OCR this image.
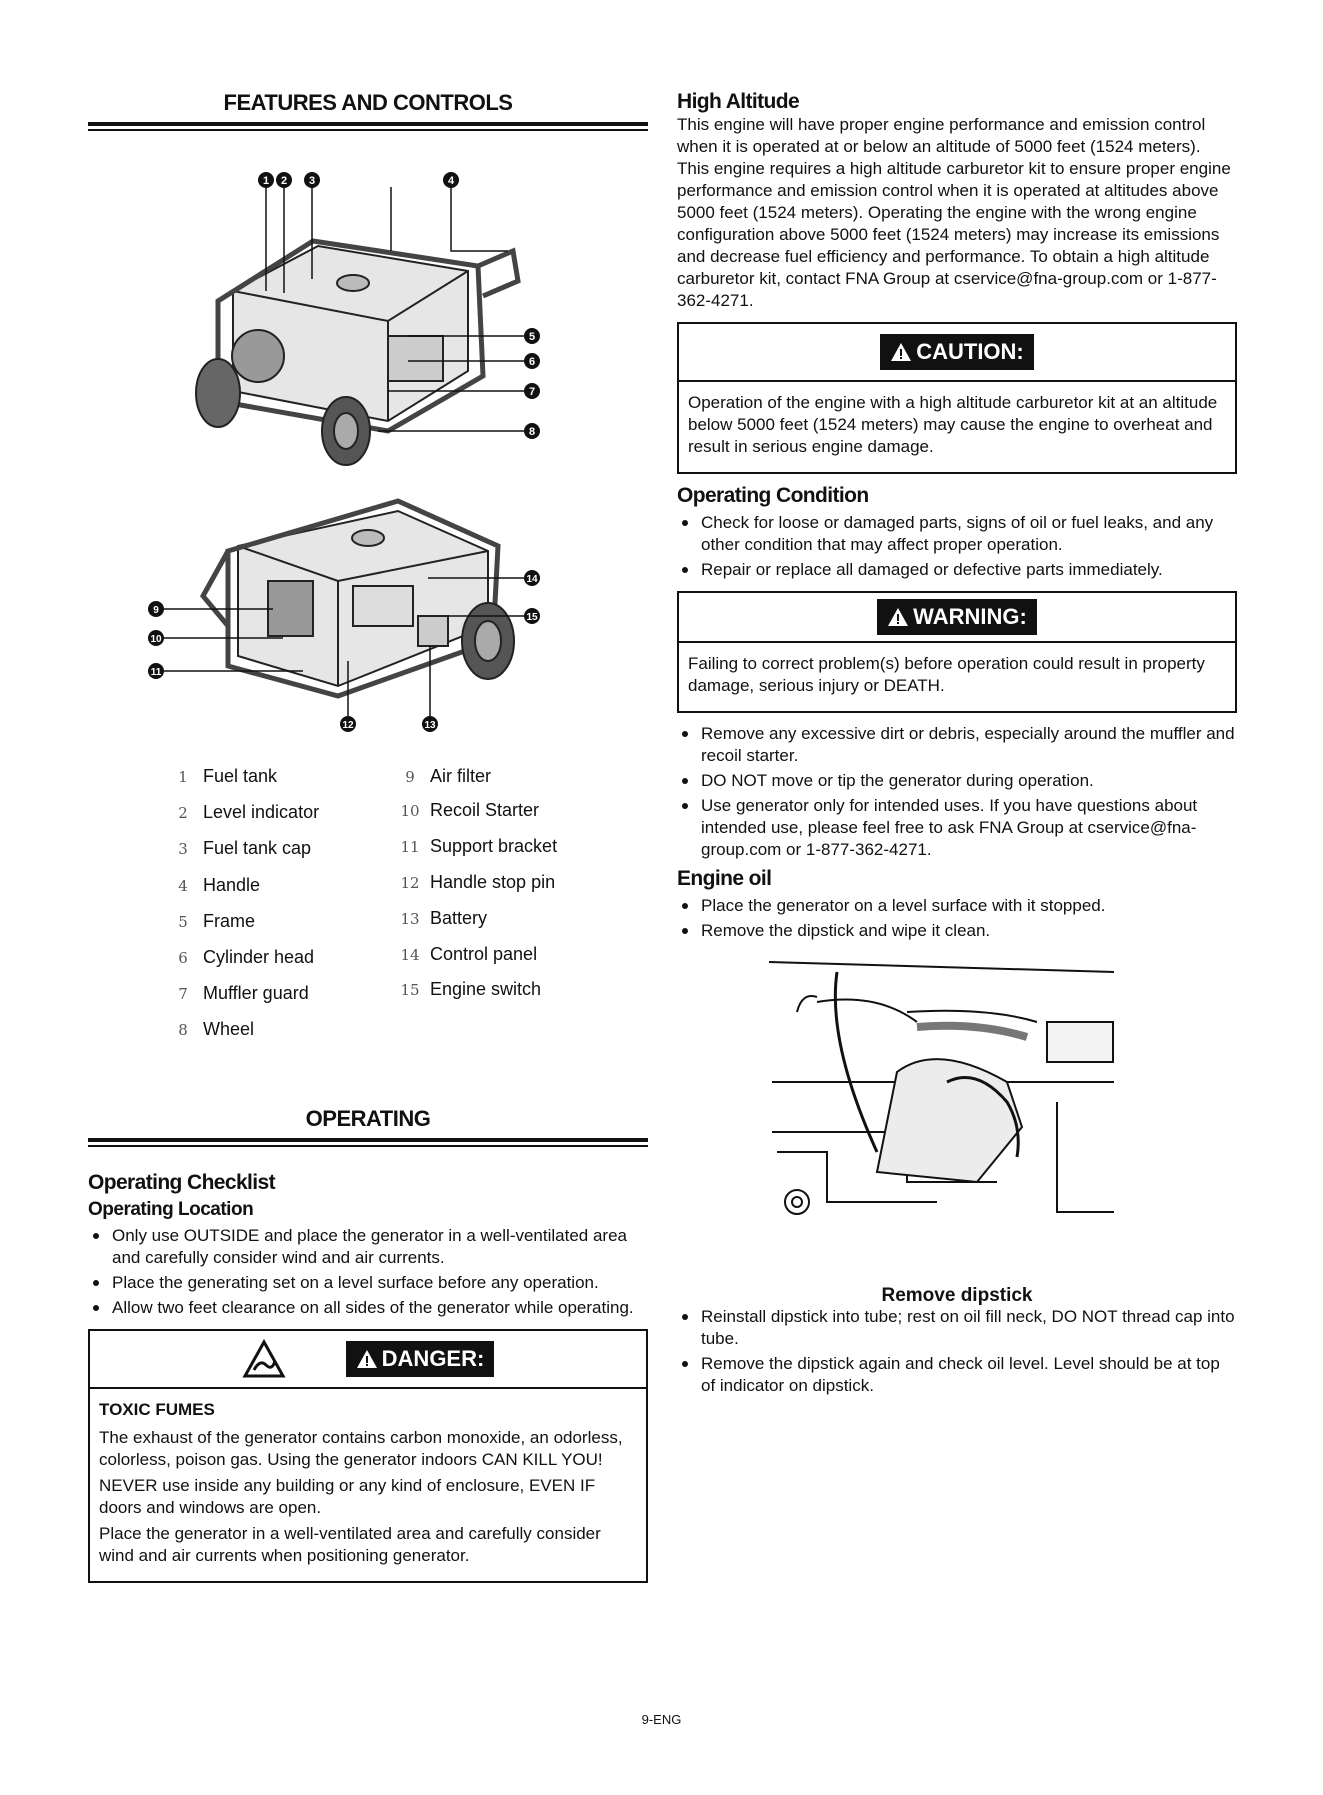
FEATURES AND CONTROLS
1 2 3	4
5
6
7
8
9
10
11
12	13
14
15
1 Fuel tank
2 Level indicator
3 Fuel tank cap
4 Handle
5 Frame
6 Cylinder head
7 Muffler guard
8 Wheel
9 Air filter
10 Recoil Starter
11 Support bracket
12 Handle stop pin
13 Battery
14 Control panel
15 Engine switch
OPERATING
Operating Checklist
Operating Location
Only use OUTSIDE and place the generator in a well-ventilated area and carefully consider wind and air currents.
Place the generating set on a level surface before any operation.
Allow two feet clearance on all sides of the generator while operating.
DANGER:

TOXIC FUMES

The exhaust of the generator contains carbon monoxide, an odorless, colorless, poison gas. Using the generator indoors CAN KILL YOU!

NEVER use inside any building or any kind of enclosure, EVEN IF doors and windows are open.

Place the generator in a well-ventilated area and carefully consider wind and air currents when positioning generator.

High Altitude

This engine will have proper engine performance and emission control when it is operated at or below an altitude of 5000 feet (1524 meters). This engine requires a high altitude carburetor kit to ensure proper engine performance and emission control when it is operated at altitudes above 5000 feet (1524 meters). Operating the engine with the wrong engine configuration above 5000 feet (1524 meters) may increase its emissions and decrease fuel efficiency and performance. To obtain a high altitude carburetor kit, contact FNA Group at cservice@fna-group.com or 1-877-362-4271.

CAUTION:

Operation of the engine with a high altitude carburetor kit at an altitude below 5000 feet (1524 meters) may cause the engine to overheat and result in serious engine damage.

Operating Condition
Check for loose or damaged parts, signs of oil or fuel leaks, and any other condition that may affect proper operation.
Repair or replace all damaged or defective parts immediately.
WARNING:

Failing to correct problem(s) before operation could result in property damage, serious injury or DEATH.

Remove any excessive dirt or debris, especially around the muffler and recoil starter.
DO NOT move or tip the generator during operation.
Use generator only for intended uses. If you have questions about intended use, please feel free to ask FNA Group at cservice@fna-group.com or 1-877-362-4271.
Engine oil
Place the generator on a level surface with it stopped.
Remove the dipstick and wipe it clean.
Remove dipstick
Reinstall dipstick into tube; rest on oil fill neck, DO NOT thread cap into tube.
Remove the dipstick again and check oil level. Level should be at top of indicator on dipstick.
9-ENG
